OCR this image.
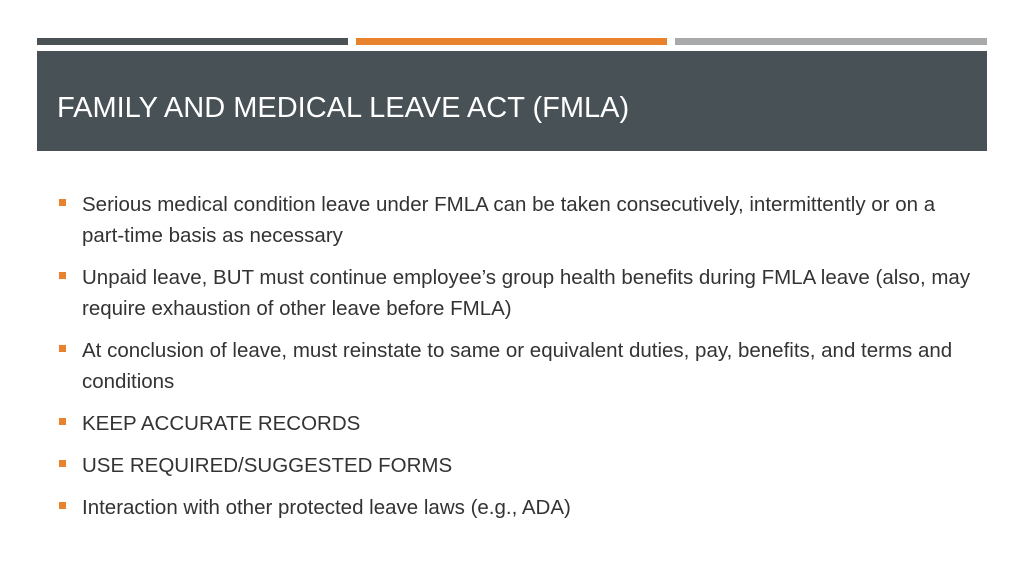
FAMILY AND MEDICAL LEAVE ACT (FMLA)
Serious medical condition leave under FMLA can be taken consecutively, intermittently or on a part-time basis as necessary
Unpaid leave, BUT must continue employee’s group health benefits during FMLA leave (also, may require exhaustion of other leave before FMLA)
At conclusion of leave, must reinstate to same or equivalent duties, pay, benefits, and terms and conditions
KEEP ACCURATE RECORDS
USE REQUIRED/SUGGESTED FORMS
Interaction with other protected leave laws (e.g., ADA)
